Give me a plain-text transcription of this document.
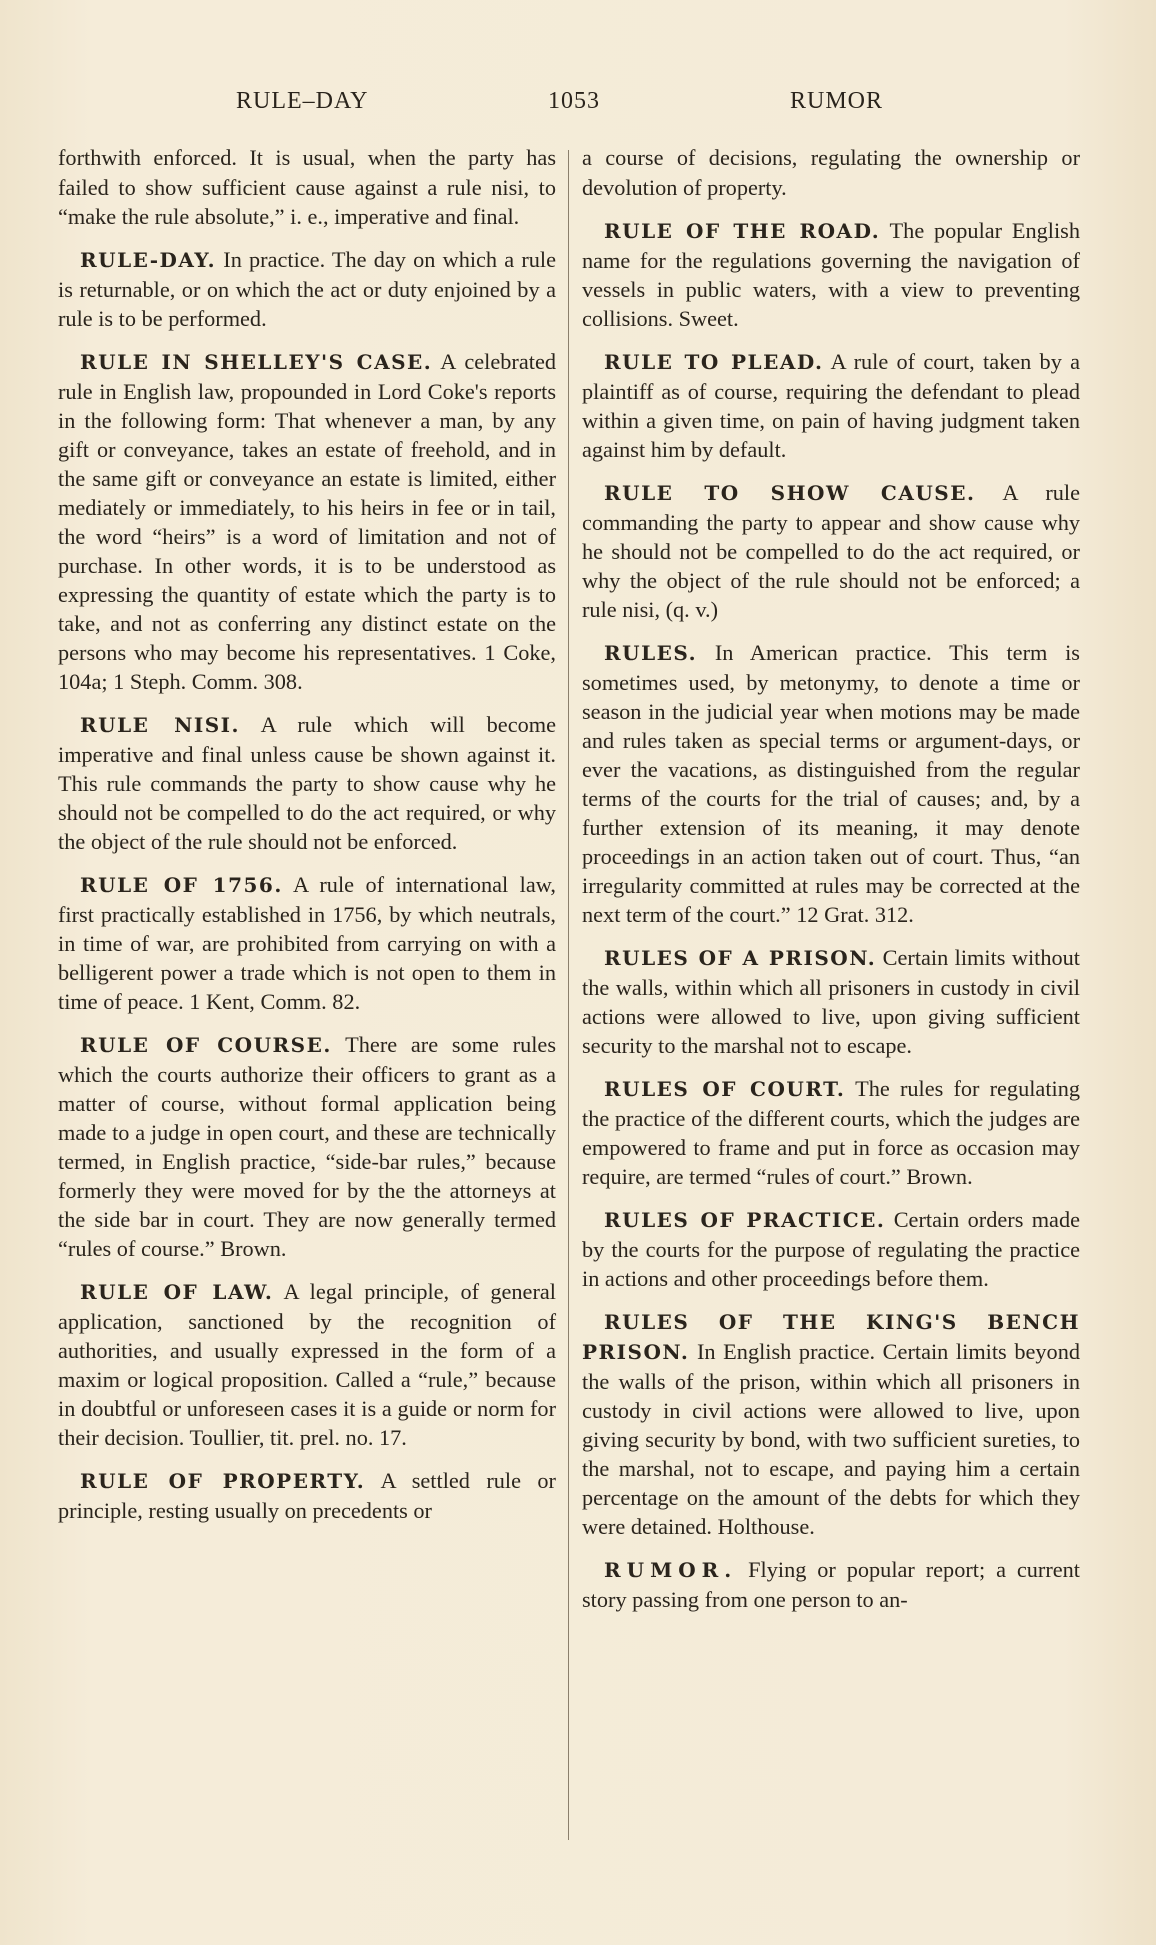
RULE–DAY	1053	RUMOR

forthwith enforced. It is usual, when the party has failed to show sufficient cause against a rule nisi, to “make the rule absolute,” i. e., imperative and final.

RULE-DAY. In practice. The day on which a rule is returnable, or on which the act or duty enjoined by a rule is to be performed.

RULE IN SHELLEY'S CASE. A celebrated rule in English law, propounded in Lord Coke's reports in the following form: That whenever a man, by any gift or conveyance, takes an estate of freehold, and in the same gift or conveyance an estate is limited, either mediately or immediately, to his heirs in fee or in tail, the word “heirs” is a word of limitation and not of purchase. In other words, it is to be understood as expressing the quantity of estate which the party is to take, and not as conferring any distinct estate on the persons who may become his representatives. 1 Coke, 104a; 1 Steph. Comm. 308.

RULE NISI. A rule which will become imperative and final unless cause be shown against it. This rule commands the party to show cause why he should not be compelled to do the act required, or why the object of the rule should not be enforced.

RULE OF 1756. A rule of international law, first practically established in 1756, by which neutrals, in time of war, are prohibited from carrying on with a belligerent power a trade which is not open to them in time of peace. 1 Kent, Comm. 82.

RULE OF COURSE. There are some rules which the courts authorize their officers to grant as a matter of course, without formal application being made to a judge in open court, and these are technically termed, in English practice, “side-bar rules,” because formerly they were moved for by the the attorneys at the side bar in court. They are now generally termed “rules of course.” Brown.

RULE OF LAW. A legal principle, of general application, sanctioned by the recognition of authorities, and usually expressed in the form of a maxim or logical proposition. Called a “rule,” because in doubtful or unforeseen cases it is a guide or norm for their decision. Toullier, tit. prel. no. 17.

RULE OF PROPERTY. A settled rule or principle, resting usually on precedents or

a course of decisions, regulating the ownership or devolution of property.

RULE OF THE ROAD. The popular English name for the regulations governing the navigation of vessels in public waters, with a view to preventing collisions. Sweet.

RULE TO PLEAD. A rule of court, taken by a plaintiff as of course, requiring the defendant to plead within a given time, on pain of having judgment taken against him by default.

RULE TO SHOW CAUSE. A rule commanding the party to appear and show cause why he should not be compelled to do the act required, or why the object of the rule should not be enforced; a rule nisi, (q. v.)

RULES. In American practice. This term is sometimes used, by metonymy, to denote a time or season in the judicial year when motions may be made and rules taken as special terms or argument-days, or ever the vacations, as distinguished from the regular terms of the courts for the trial of causes; and, by a further extension of its meaning, it may denote proceedings in an action taken out of court. Thus, “an irregularity committed at rules may be corrected at the next term of the court.” 12 Grat. 312.

RULES OF A PRISON. Certain limits without the walls, within which all prisoners in custody in civil actions were allowed to live, upon giving sufficient security to the marshal not to escape.

RULES OF COURT. The rules for regulating the practice of the different courts, which the judges are empowered to frame and put in force as occasion may require, are termed “rules of court.” Brown.

RULES OF PRACTICE. Certain orders made by the courts for the purpose of regulating the practice in actions and other proceedings before them.

RULES OF THE KING'S BENCH PRISON. In English practice. Certain limits beyond the walls of the prison, within which all prisoners in custody in civil actions were allowed to live, upon giving security by bond, with two sufficient sureties, to the marshal, not to escape, and paying him a certain percentage on the amount of the debts for which they were detained. Holthouse.

RUMOR. Flying or popular report; a current story passing from one person to an-
